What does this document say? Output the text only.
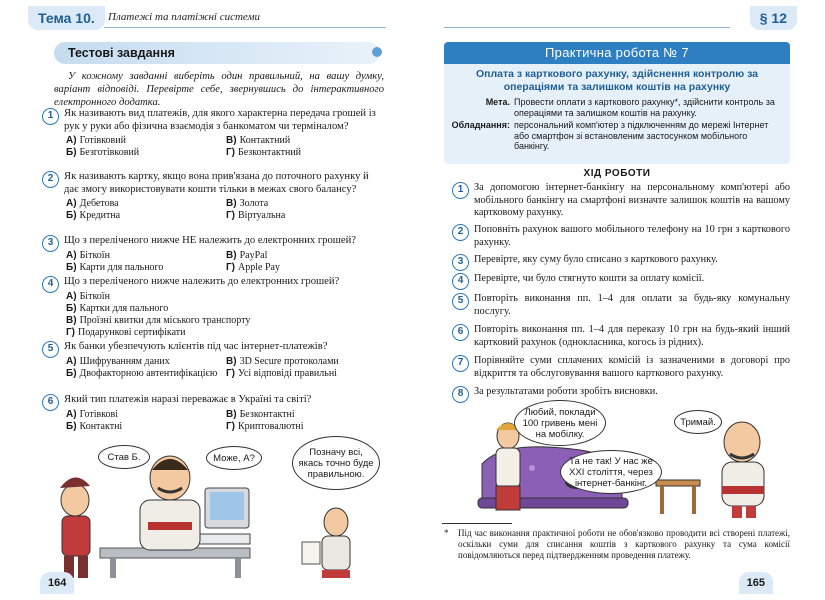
Тема 10.	Платежі та платіжні системи
Тестові завдання
У кожному завданні виберіть один правильний, на вашу думку, варіант відповіді. Перевірте себе, звернувшись до інтерактивного електронного додатка.
1	Як називають вид платежів, для якого характерна передача грошей із рук у руки або фізична взаємодія з банкоматом чи терміналом?
А) Готівковий	В) Контактний
Б) Безготівковий	Г) Безконтактний
2	Як називають картку, якщо вона прив'язана до поточного рахунку й дає змогу використовувати кошти тільки в межах свого балансу?
А) Дебетова	В) Золота
Б) Кредитна	Г) Віртуальна
3	Що з переліченого нижче НЕ належить до електронних грошей?
А) Біткоїн	В) PayPal
Б) Карти для пального	Г) Apple Pay
4	Що з переліченого нижче належить до електронних грошей?
А) Біткоїн
Б) Картки для пального
В) Проїзні квитки для міського транспорту
Г) Подарункові сертифікати
5	Як банки убезпечують клієнтів під час інтернет-платежів?
А) Шифруванням даних	В) 3D Secure протоколами
Б) Двофакторною автентифікацією Г) Усі відповіді правильні
6	Який тип платежів наразі переважає в Україні та світі?
А) Готівкові	В) Безконтактні
Б) Контактні	Г) Криптовалютні
Став Б.	Може, А?
Позначу всі, якась точно буде правильною.
164
§ 12
Практична робота № 7
Оплата з карткового рахунку, здійснення контролю за операціями та залишком коштів на рахунку
Мета. Провести оплати з карткового рахунку*, здійснити контроль за операціями та залишком коштів на рахунку.
Обладнання: персональний комп'ютер з підключенням до мережі Інтернет або смартфон зі встановленим застосунком мобільного банкінгу.
ХІД РОБОТИ
1	За допомогою інтернет-банкінгу на персональному комп'ютері або мобільного банкінгу на смартфоні визначте залишок коштів на вашому картковому рахунку.
2	Поповніть рахунок вашого мобільного телефону на 10 грн з карткового рахунку.
3	Перевірте, яку суму було списано з карткового рахунку.
4	Перевірте, чи було стягнуто кошти за оплату комісії.
5	Повторіть виконання пп. 1–4 для оплати за будь-яку комунальну послугу.
6	Повторіть виконання пп. 1–4 для переказу 10 грн на будь-який інший картковий рахунок (однокласника, когось із рідних).
7	Порівняйте суми сплачених комісій із зазначеними в договорі про відкриття та обслуговування вашого карткового рахунку.
8	За результатами роботи зробіть висновки.
Любий, поклади 100 гривень мені на мобілку.
Тримай.
Та не так! У нас же XXI століття, через інтернет-банкінг.
* Під час виконання практичної роботи не обов'язково проводити всі створені платежі, оскільки суми для списання коштів з карткового рахунку та сума комісії повідомляються перед підтвердженням проведення платежу.
165
